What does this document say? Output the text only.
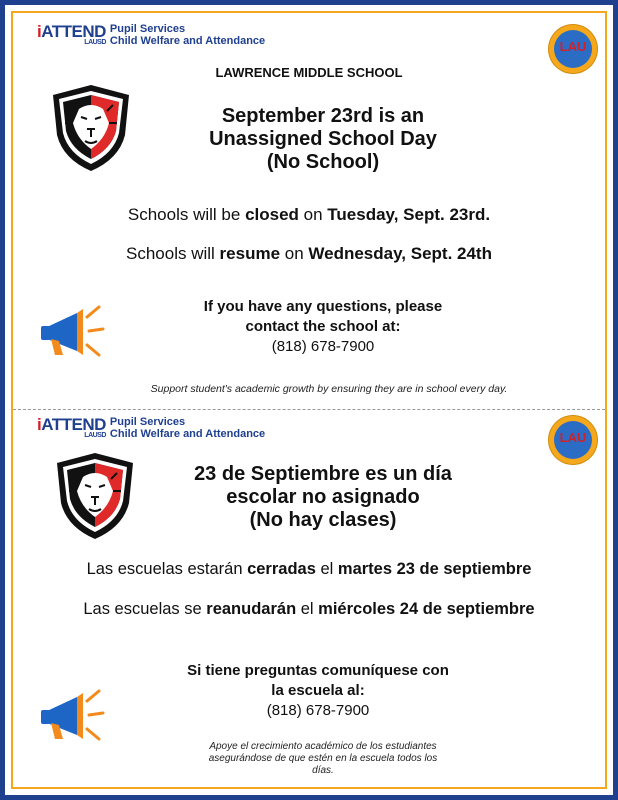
iATTEND
LAUSD
Pupil Services
Child Welfare and Attendance	LAU
LAWRENCE MIDDLE SCHOOL
September 23rd is an
Unassigned School Day
(No School)
Schools will be closed on Tuesday, Sept. 23rd.
Schools will resume on Wednesday, Sept. 24th
If you have any questions, please
contact the school at:
(818) 678-7900
Support student's academic growth by ensuring they are in school every day.
iATTEND
LAUSD
Pupil Services
Child Welfare and Attendance	LAU
23 de Septiembre es un día
escolar no asignado
(No hay clases)
Las escuelas estarán cerradas el martes 23 de septiembre
Las escuelas se reanudarán el miércoles 24 de septiembre
Si tiene preguntas comuníquese con
la escuela al:
(818) 678-7900
Apoye el crecimiento académico de los estudiantes
asegurándose de que estén en la escuela todos los
días.
